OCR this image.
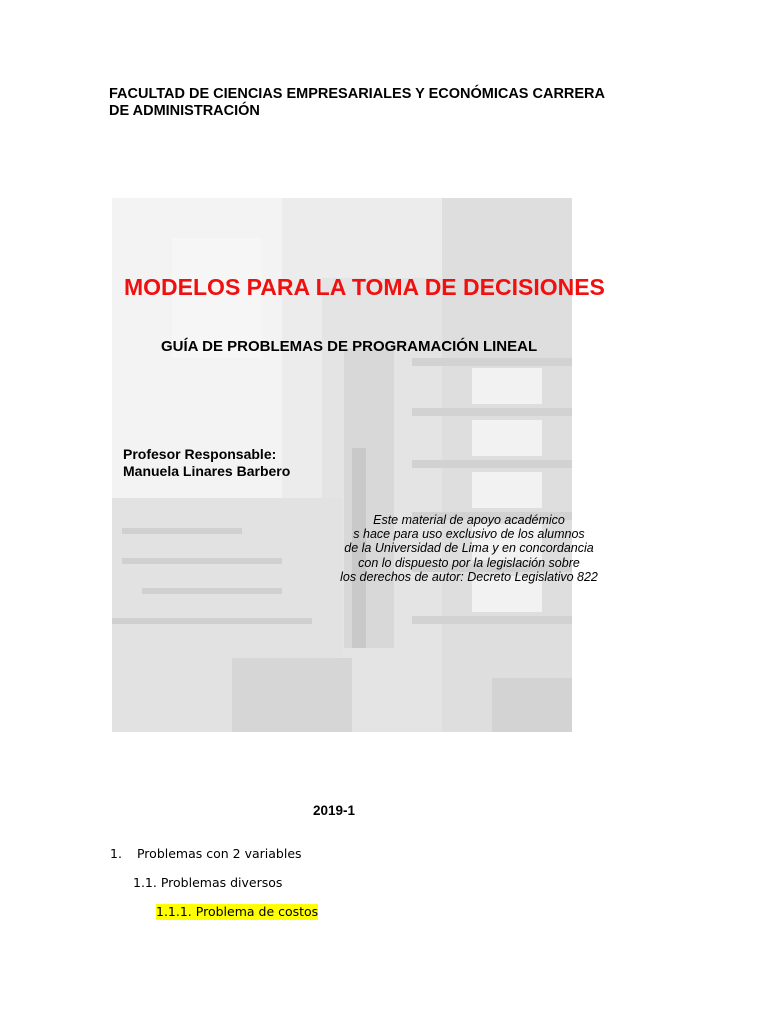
FACULTAD DE CIENCIAS EMPRESARIALES Y ECONÓMICAS CARRERA
DE ADMINISTRACIÓN
MODELOS PARA LA TOMA DE DECISIONES
GUÍA DE PROBLEMAS DE PROGRAMACIÓN LINEAL
Profesor Responsable:
Manuela Linares Barbero
Este material de apoyo académico
s hace para uso exclusivo de los alumnos
de la Universidad de Lima y en concordancia
con lo dispuesto por la legislación sobre
los derechos de autor: Decreto Legislativo 822
2019-1
1. Problemas con 2 variables
1.1. Problemas diversos
1.1.1. Problema de costos
